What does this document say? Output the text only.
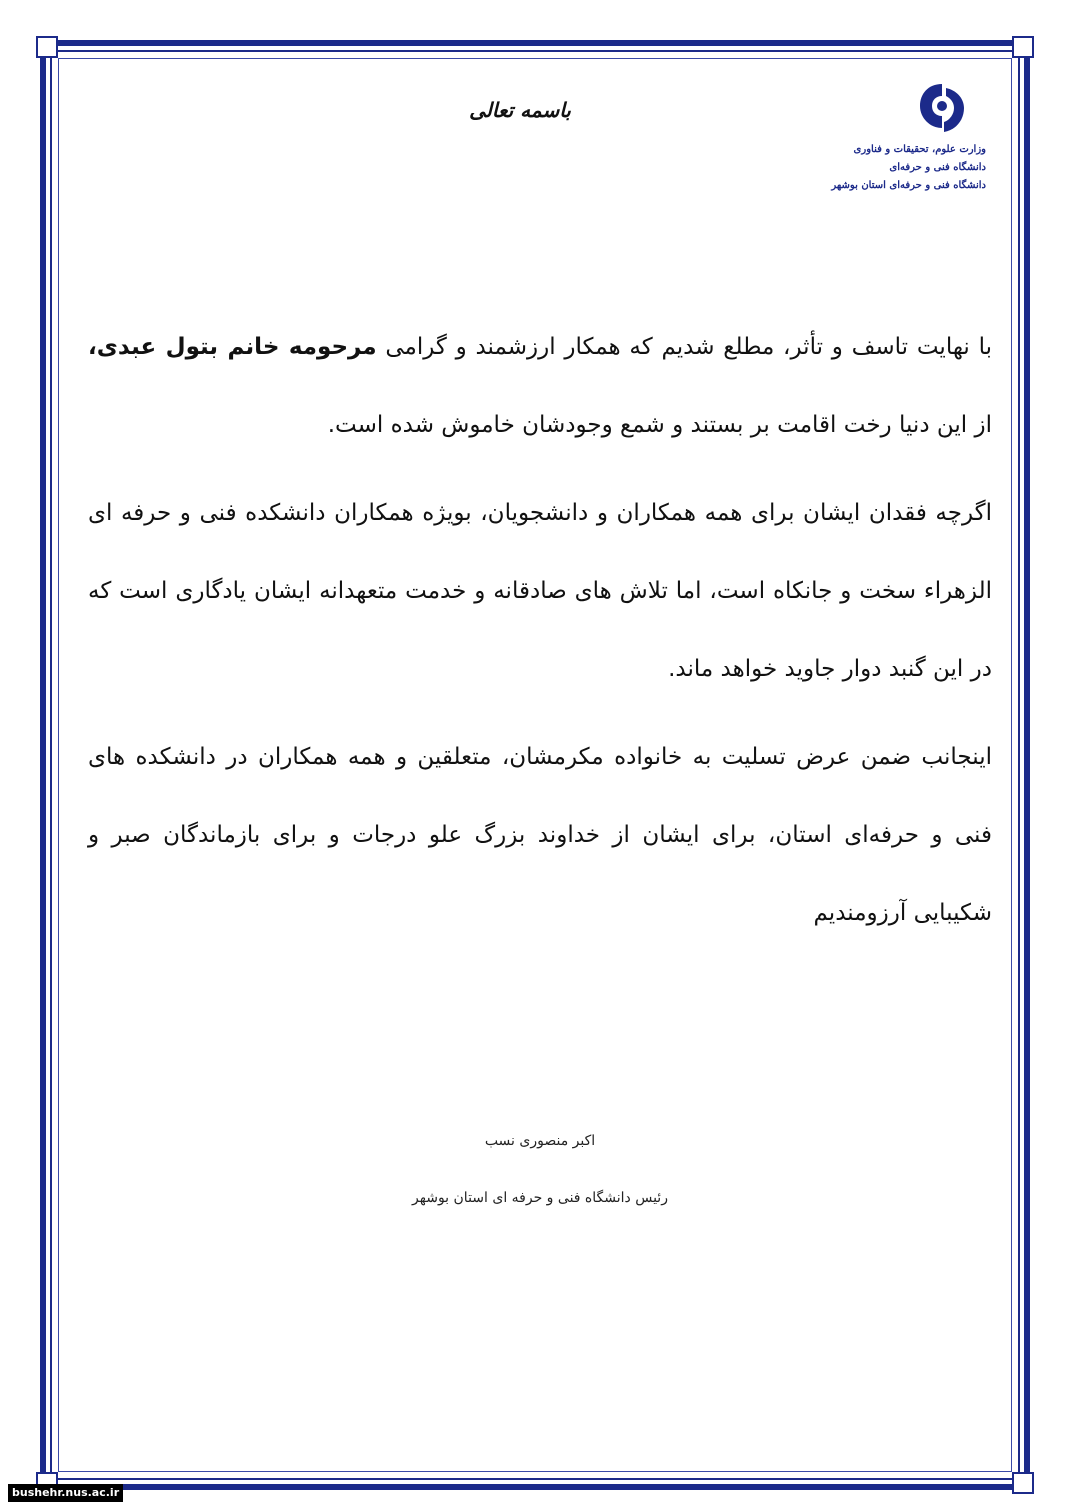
باسمه تعالی
وزارت علوم، تحقیقات و فناوری
دانشگاه فنی و حرفه‌ای
دانشگاه فنی و حرفه‌ای استان بوشهر
با نهایت تاسف و تأثر، مطلع شدیم که همکار ارزشمند و گرامی مرحومه خانم بتول عبدی، از این دنیا رخت اقامت بر بستند و شمع وجودشان خاموش شده است.
اگرچه فقدان ایشان برای همه همکاران و دانشجویان، بویژه همکاران دانشکده فنی و حرفه ای الزهراء سخت و جانکاه است، اما تلاش های صادقانه و خدمت متعهدانه ایشان یادگاری است که در این گنبد دوار جاوید خواهد ماند.
اینجانب ضمن عرض تسلیت به خانواده مکرمشان، متعلقین و همه همکاران در دانشکده های فنی و حرفه‌ای استان، برای ایشان از خداوند بزرگ علو درجات و برای بازماندگان صبر و شکیبایی آرزومندیم
اکبر منصوری نسب
رئیس دانشگاه فنی و حرفه ای استان بوشهر
bushehr.nus.ac.ir
